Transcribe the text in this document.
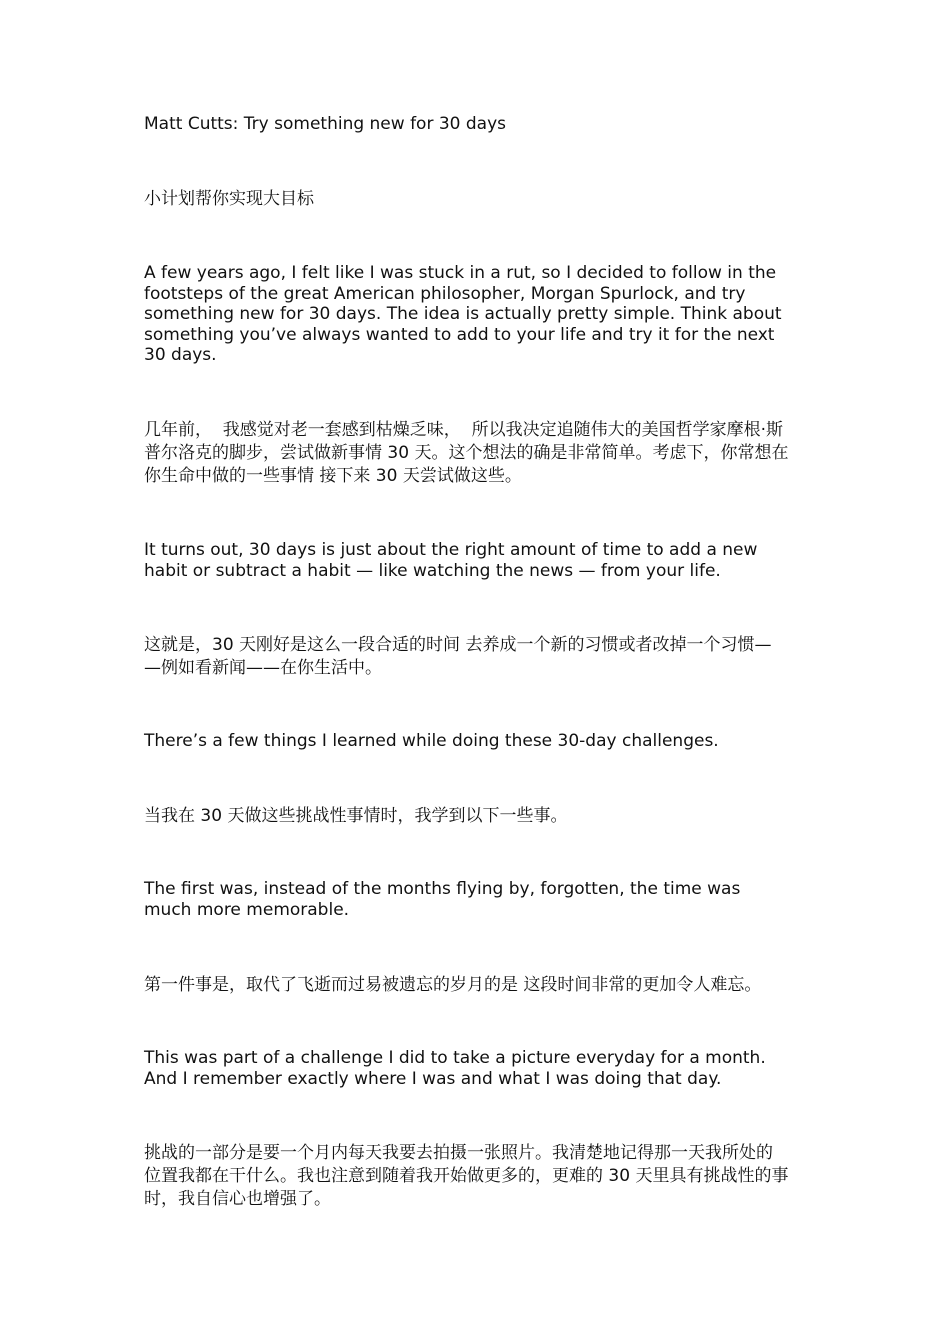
Matt Cutts: Try something new for 30 days

小计划帮你实现大目标

A few years ago, I felt like I was stuck in a rut, so I decided to follow in the
footsteps of the great American philosopher, Morgan Spurlock, and try
something new for 30 days. The idea is actually pretty simple. Think about
something you’ve always wanted to add to your life and try it for the next
30 days.

几年前，  我感觉对老一套感到枯燥乏味，  所以我决定追随伟大的美国哲学家摩根·斯
普尔洛克的脚步，尝试做新事情 30 天。这个想法的确是非常简单。考虑下，你常想在
你生命中做的一些事情 接下来 30 天尝试做这些。

It turns out, 30 days is just about the right amount of time to add a new
habit or subtract a habit — like watching the news — from your life.

这就是，30 天刚好是这么一段合适的时间 去养成一个新的习惯或者改掉一个习惯—
—例如看新闻——在你生活中。

There’s a few things I learned while doing these 30-day challenges.

当我在 30 天做这些挑战性事情时，我学到以下一些事。

The first was, instead of the months flying by, forgotten, the time was
much more memorable.

第一件事是，取代了飞逝而过易被遗忘的岁月的是 这段时间非常的更加令人难忘。

This was part of a challenge I did to take a picture everyday for a month.
And I remember exactly where I was and what I was doing that day.

挑战的一部分是要一个月内每天我要去拍摄一张照片。我清楚地记得那一天我所处的
位置我都在干什么。我也注意到随着我开始做更多的，更难的 30 天里具有挑战性的事
时，我自信心也增强了。
